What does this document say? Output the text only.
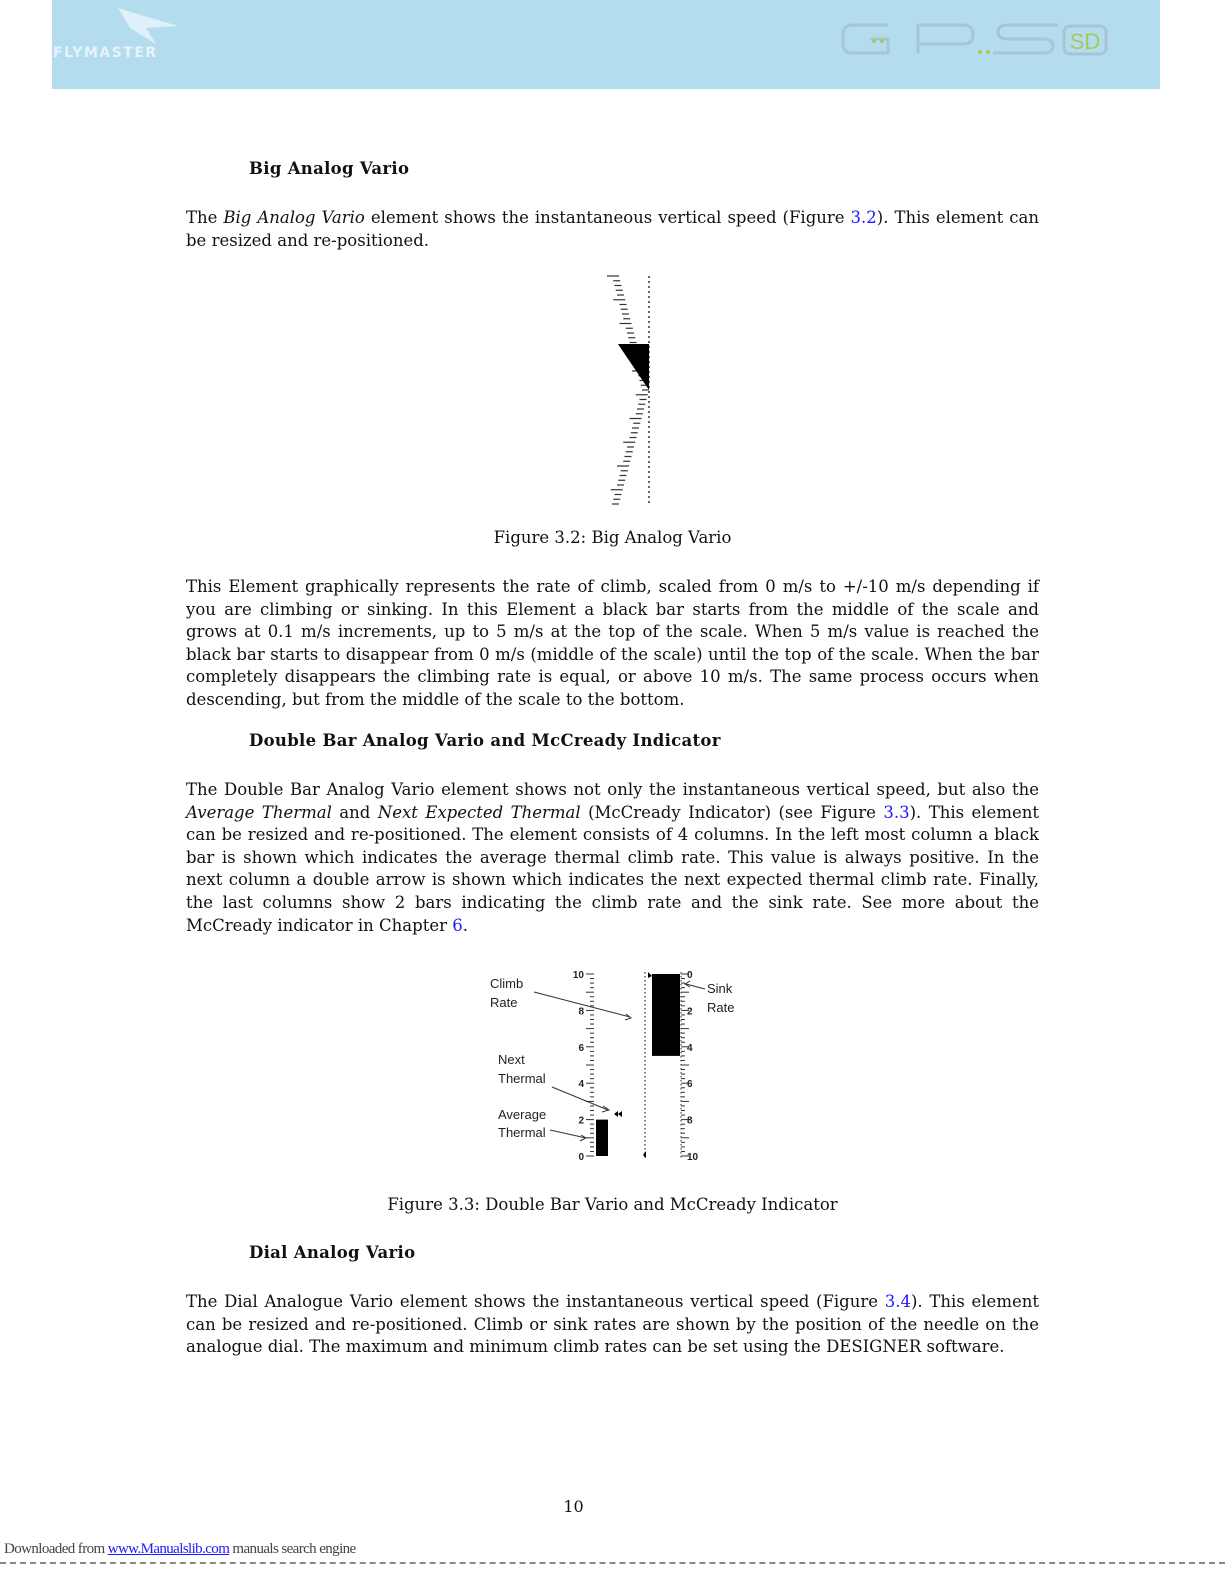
FLYMASTER	SD
Big Analog Vario
The Big Analog Vario element shows the instantaneous vertical speed (Figure 3.2). This element can be resized and re-positioned.
Figure 3.2: Big Analog Vario
This Element graphically represents the rate of climb, scaled from 0 m/s to +/-10 m/s depending if you are climbing or sinking. In this Element a black bar starts from the middle of the scale and grows at 0.1 m/s increments, up to 5 m/s at the top of the scale. When 5 m/s value is reached the black bar starts to disappear from 0 m/s (middle of the scale) until the top of the scale. When the bar completely disappears the climbing rate is equal, or above 10 m/s. The same process occurs when descending, but from the middle of the scale to the bottom.
Double Bar Analog Vario and McCready Indicator
The Double Bar Analog Vario element shows not only the instantaneous vertical speed, but also the Average Thermal and Next Expected Thermal (McCready Indicator) (see Figure 3.3). This element can be resized and re-positioned. The element consists of 4 columns. In the left most column a black bar is shown which indicates the average thermal climb rate. This value is always positive. In the next column a double arrow is shown which indicates the next expected thermal climb rate. Finally, the last columns show 2 bars indicating the climb rate and the sink rate. See more about the McCready indicator in Chapter 6.
10
8
6
4
2
0
0
2
4
6
8
10
Climb
Rate
Sink
Rate
Next
Thermal
Average
Thermal
Figure 3.3: Double Bar Vario and McCready Indicator
Dial Analog Vario
The Dial Analogue Vario element shows the instantaneous vertical speed (Figure 3.4). This element can be resized and re-positioned. Climb or sink rates are shown by the position of the needle on the analogue dial. The maximum and minimum climb rates can be set using the DESIGNER software.
10
Downloaded from www.Manualslib.com manuals search engine
